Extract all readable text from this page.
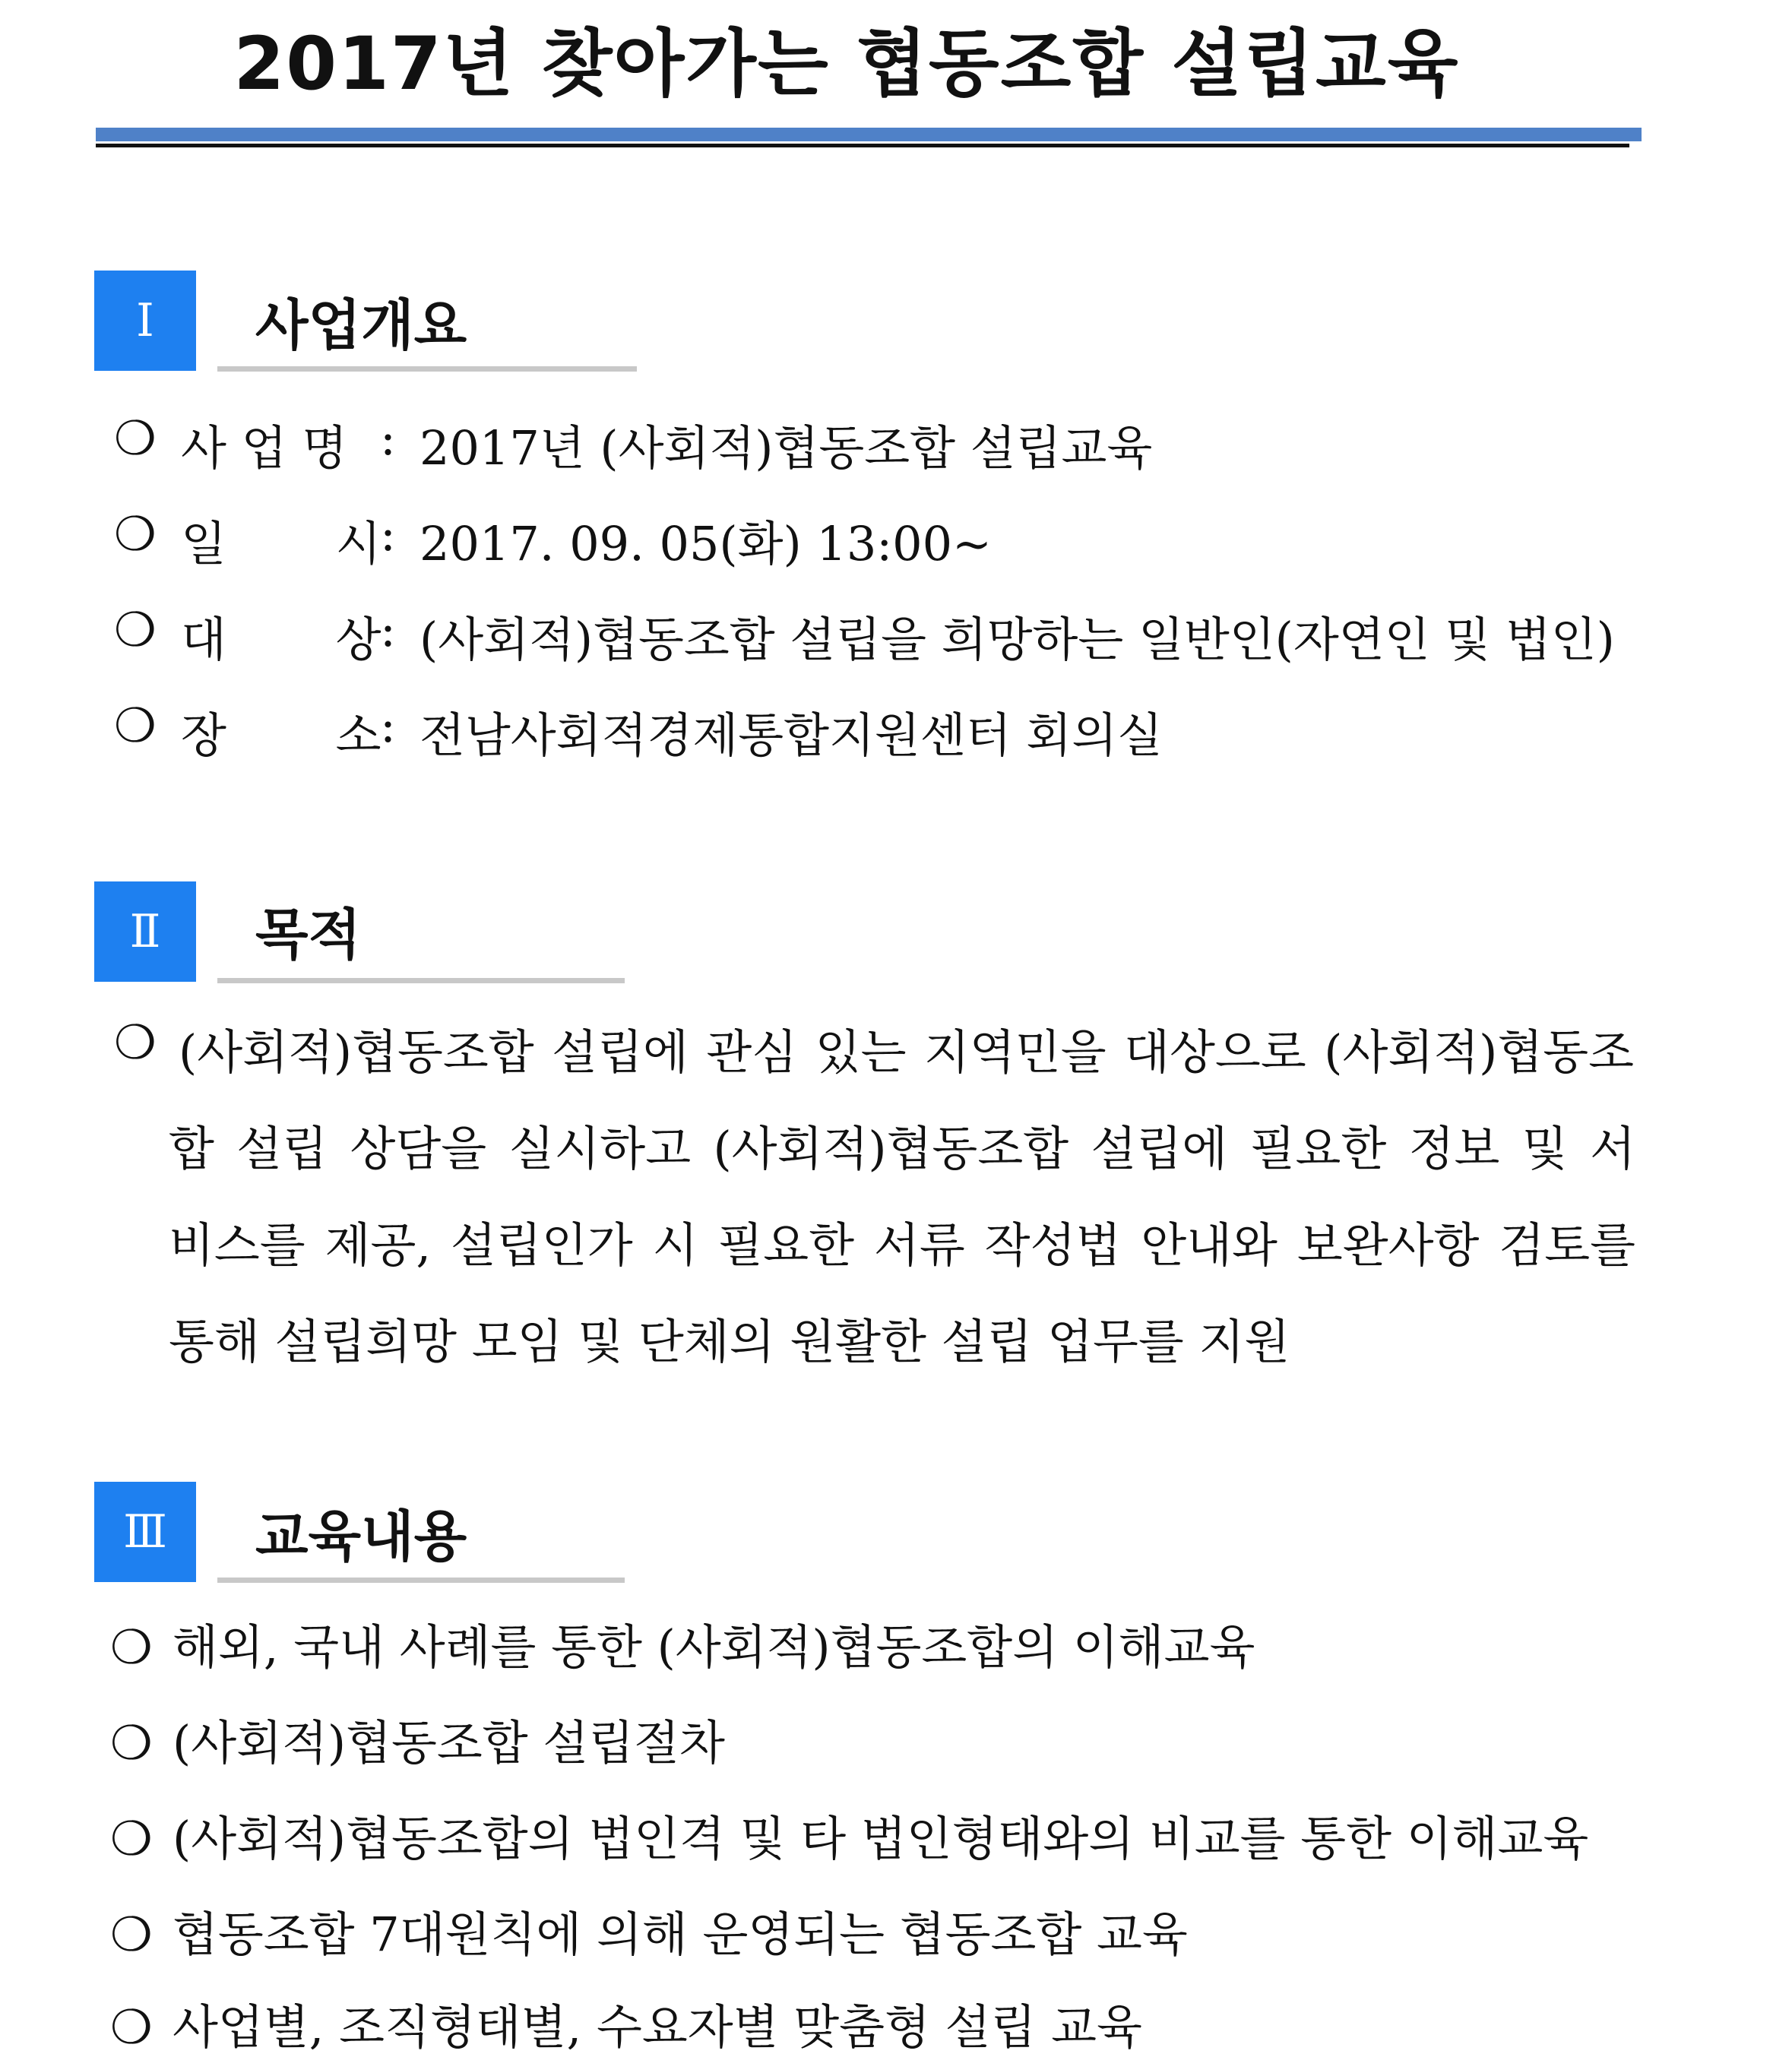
2017년 찾아가는 협동조합 설립교육
Ⅰ	사업개요
❍ 사 업 명 : 2017년 (사회적)협동조합 설립교육
❍ 일　　 시
: 2017. 09. 05(화) 13:00~
❍ 대　　 상
: (사회적)협동조합 설립을 희망하는 일반인(자연인 및 법인)
❍ 장　　 소
: 전남사회적경제통합지원센터 회의실
Ⅱ	목적
❍ (사회적)협동조합 설립에 관심 있는 지역민을 대상으로 (사회적)협동조
합 설립 상담을 실시하고 (사회적)협동조합 설립에 필요한 정보 및 서
비스를 제공, 설립인가 시 필요한 서류 작성법 안내와 보완사항 검토를
통해 설립희망 모임 및 단체의 원활한 설립 업무를 지원
Ⅲ	교육내용
❍ 해외, 국내 사례를 통한 (사회적)협동조합의 이해교육
❍ (사회적)협동조합 설립절차
❍ (사회적)협동조합의 법인격 및 타 법인형태와의 비교를 통한 이해교육
❍ 협동조합 7대원칙에 의해 운영되는 협동조합 교육
❍ 사업별, 조직형태별, 수요자별 맞춤형 설립 교육
